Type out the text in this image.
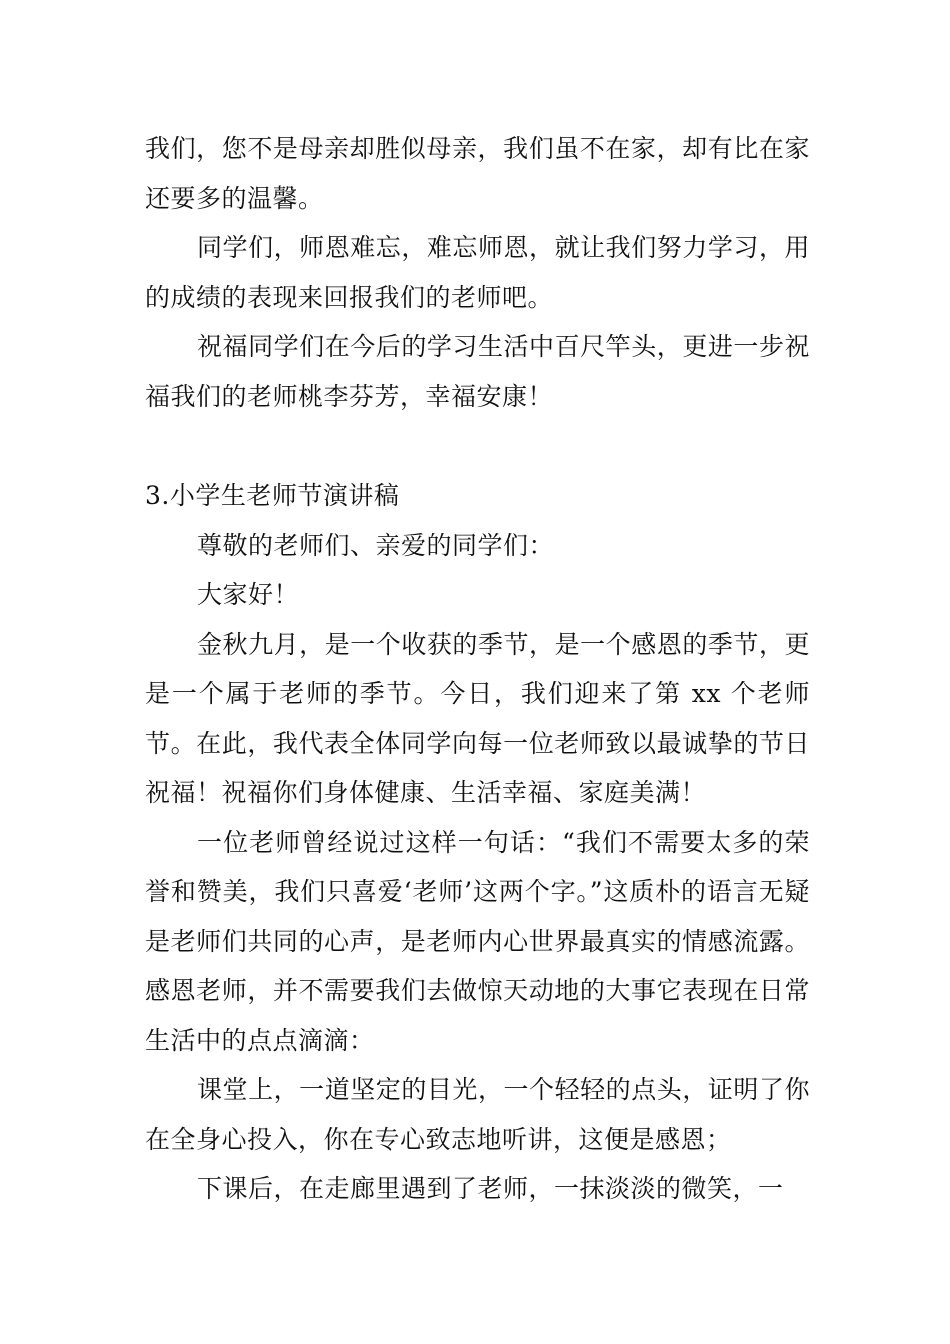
我们，您不是母亲却胜似母亲，我们虽不在家，却有比在家还要多的温馨。

同学们，师恩难忘，难忘师恩，就让我们努力学习，用的成绩的表现来回报我们的老师吧。

祝福同学们在今后的学习生活中百尺竿头，更进一步祝福我们的老师桃李芬芳，幸福安康！

3.小学生老师节演讲稿

尊敬的老师们、亲爱的同学们：

大家好！

金秋九月，是一个收获的季节，是一个感恩的季节，更是一个属于老师的季节。今日，我们迎来了第 xx 个老师节。在此，我代表全体同学向每一位老师致以最诚挚的节日祝福！祝福你们身体健康、生活幸福、家庭美满！

一位老师曾经说过这样一句话：“我们不需要太多的荣誉和赞美，我们只喜爱‘老师’这两个字。”这质朴的语言无疑是老师们共同的心声，是老师内心世界最真实的情感流露。感恩老师，并不需要我们去做惊天动地的大事它表现在日常生活中的点点滴滴：

课堂上，一道坚定的目光，一个轻轻的点头，证明了你在全身心投入，你在专心致志地听讲，这便是感恩；

下课后，在走廊里遇到了老师，一抹淡淡的微笑，一
